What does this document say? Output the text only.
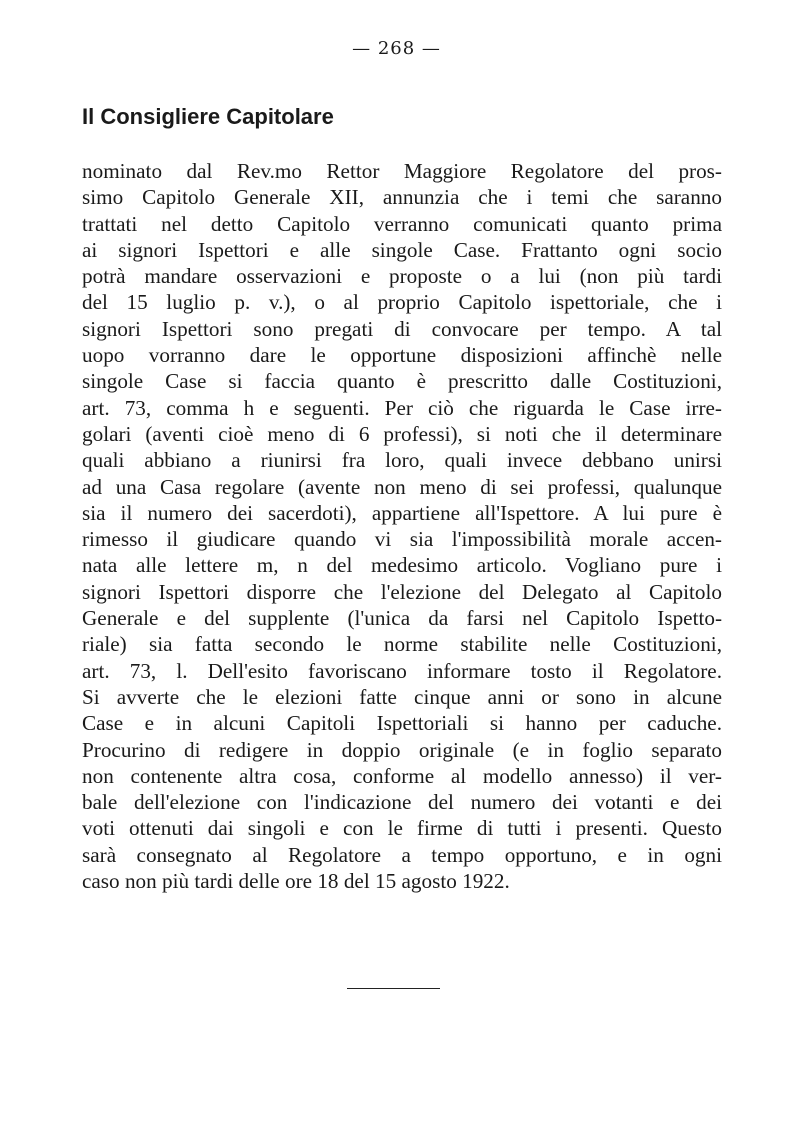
— 268 —
Il Consigliere Capitolare
nominato dal Rev.mo Rettor Maggiore Regolatore del pros-
simo Capitolo Generale XII, annunzia che i temi che saranno
trattati nel detto Capitolo verranno comunicati quanto prima
ai signori Ispettori e alle singole Case. Frattanto ogni socio
potrà mandare osservazioni e proposte o a lui (non più tardi
del 15 luglio p. v.), o al proprio Capitolo ispettoriale, che i
signori Ispettori sono pregati di convocare per tempo. A tal
uopo vorranno dare le opportune disposizioni affinchè nelle
singole Case si faccia quanto è prescritto dalle Costituzioni,
art. 73, comma h e seguenti. Per ciò che riguarda le Case irre-
golari (aventi cioè meno di 6 professi), si noti che il determinare
quali abbiano a riunirsi fra loro, quali invece debbano unirsi
ad una Casa regolare (avente non meno di sei professi, qualunque
sia il numero dei sacerdoti), appartiene all'Ispettore. A lui pure è
rimesso il giudicare quando vi sia l'impossibilità morale accen-
nata alle lettere m, n del medesimo articolo. Vogliano pure i
signori Ispettori disporre che l'elezione del Delegato al Capitolo
Generale e del supplente (l'unica da farsi nel Capitolo Ispetto-
riale) sia fatta secondo le norme stabilite nelle Costituzioni,
art. 73, l. Dell'esito favoriscano informare tosto il Regolatore.
Si avverte che le elezioni fatte cinque anni or sono in alcune
Case e in alcuni Capitoli Ispettoriali si hanno per caduche.
Procurino di redigere in doppio originale (e in foglio separato
non contenente altra cosa, conforme al modello annesso) il ver-
bale dell'elezione con l'indicazione del numero dei votanti e dei
voti ottenuti dai singoli e con le firme di tutti i presenti. Questo
sarà consegnato al Regolatore a tempo opportuno, e in ogni
caso non più tardi delle ore 18 del 15 agosto 1922.
